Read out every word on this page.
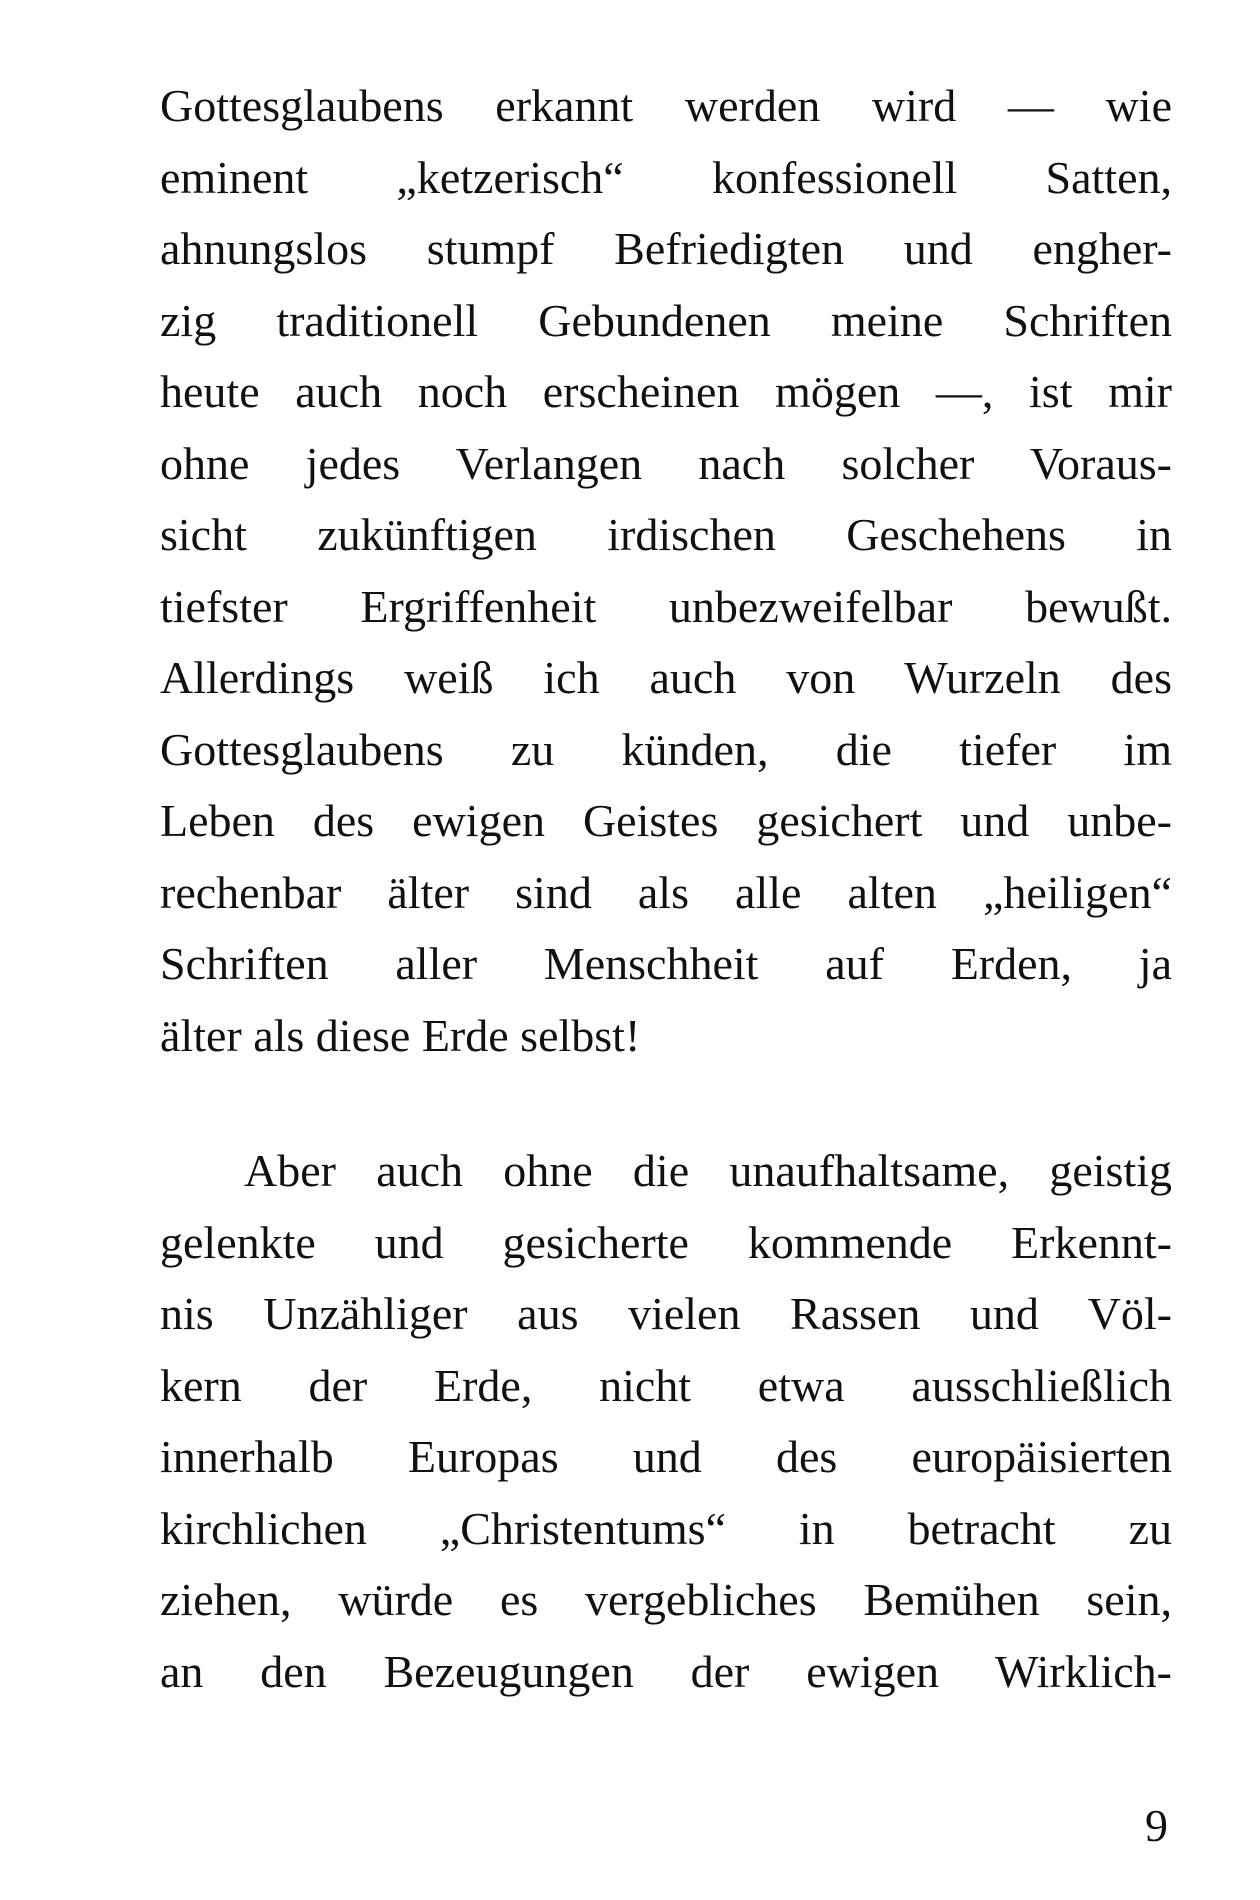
Gottesglaubens erkannt werden wird — wie
eminent „ketzerisch“ konfessionell Satten,
ahnungslos stumpf Befriedigten und engher-
zig traditionell Gebundenen meine Schriften
heute auch noch erscheinen mögen —, ist mir
ohne jedes Verlangen nach solcher Voraus-
sicht zukünftigen irdischen Geschehens in
tiefster Ergriffenheit unbezweifelbar bewußt.
Allerdings weiß ich auch von Wurzeln des
Gottesglaubens zu künden, die tiefer im
Leben des ewigen Geistes gesichert und unbe-
rechenbar älter sind als alle alten „heiligen“
Schriften aller Menschheit auf Erden, ja
älter als diese Erde selbst!
Aber auch ohne die unaufhaltsame, geistig
gelenkte und gesicherte kommende Erkennt-
nis Unzähliger aus vielen Rassen und Völ-
kern der Erde, nicht etwa ausschließlich
innerhalb Europas und des europäisierten
kirchlichen „Christentums“ in betracht zu
ziehen, würde es vergebliches Bemühen sein,
an den Bezeugungen der ewigen Wirklich-
9
